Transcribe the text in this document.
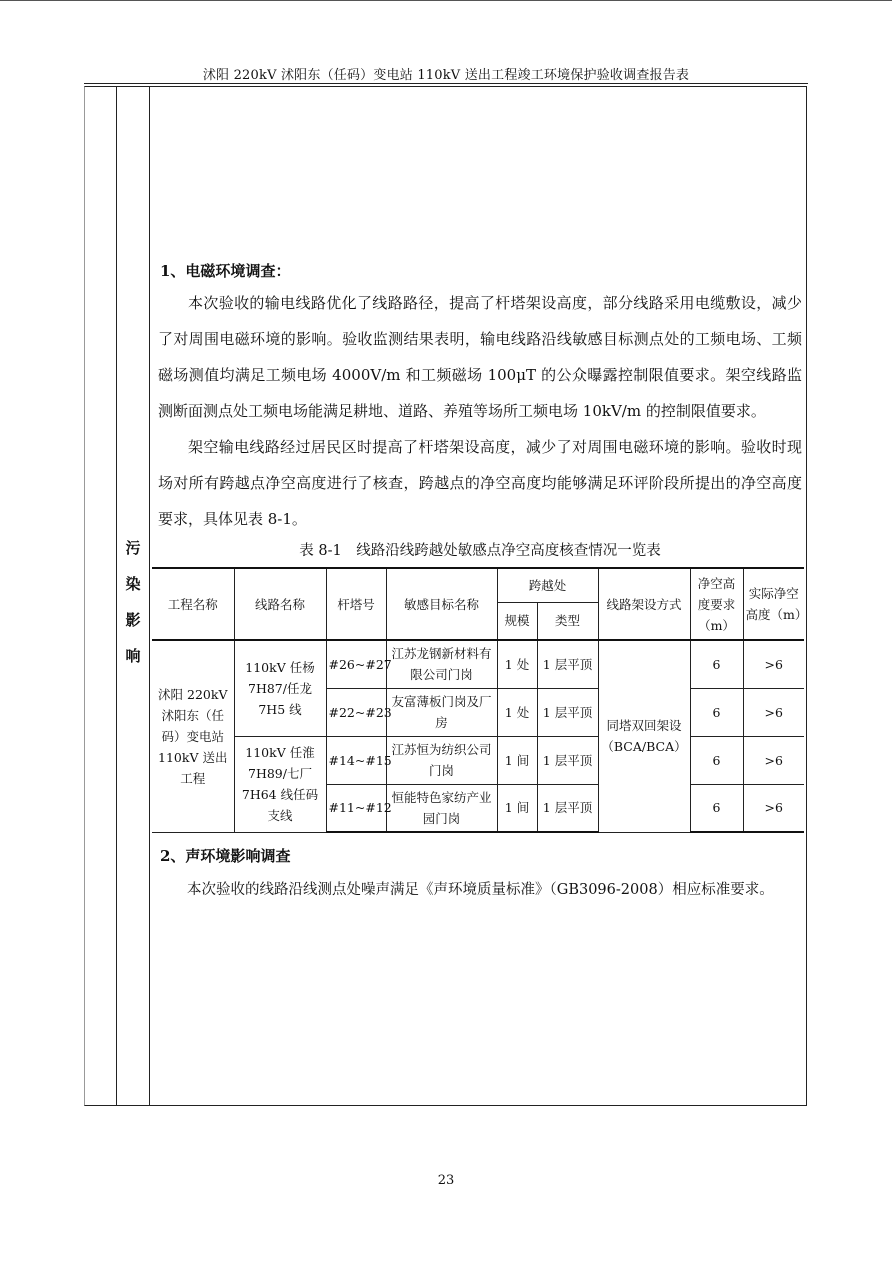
沭阳 220kV 沭阳东（任码）变电站 110kV 送出工程竣工环境保护验收调查报告表
污
染
影
响
1、电磁环境调查：

本次验收的输电线路优化了线路路径，提高了杆塔架设高度，部分线路采用电缆敷设，减少了对周围电磁环境的影响。验收监测结果表明，输电线路沿线敏感目标测点处的工频电场、工频磁场测值均满足工频电场 4000V/m 和工频磁场 100μT 的公众曝露控制限值要求。架空线路监测断面测点处工频电场能满足耕地、道路、养殖等场所工频电场 10kV/m 的控制限值要求。

架空输电线路经过居民区时提高了杆塔架设高度，减少了对周围电磁环境的影响。验收时现场对所有跨越点净空高度进行了核查，跨越点的净空高度均能够满足环评阶段所提出的净空高度要求，具体见表 8-1。

表 8-1　线路沿线跨越处敏感点净空高度核查情况一览表
工程名称	线路名称	杆塔号	敏感目标名称	跨越处		线路架设方式	净空高度要求（m）	实际净空高度（m）
				规模	类型			
沭阳 220kV 沭阳东（任码）变电站 110kV 送出工程	110kV 任杨 7H87/任龙 7H5 线	#26~#27	江苏龙钢新材料有限公司门岗	1 处	1 层平顶	同塔双回架设（BCA/BCA）	6	>6
		#22~#23	友富薄板门岗及厂房	1 处	1 层平顶		6	>6
	110kV 任淮 7H89/七厂 7H64 线任码支线	#14~#15	江苏恒为纺织公司门岗	1 间	1 层平顶		6	>6
		#11~#12	恒能特色家纺产业园门岗	1 间	1 层平顶		6	>6
2、声环境影响调查
本次验收的线路沿线测点处噪声满足《声环境质量标准》（GB3096-2008）相应标准要求。
23
